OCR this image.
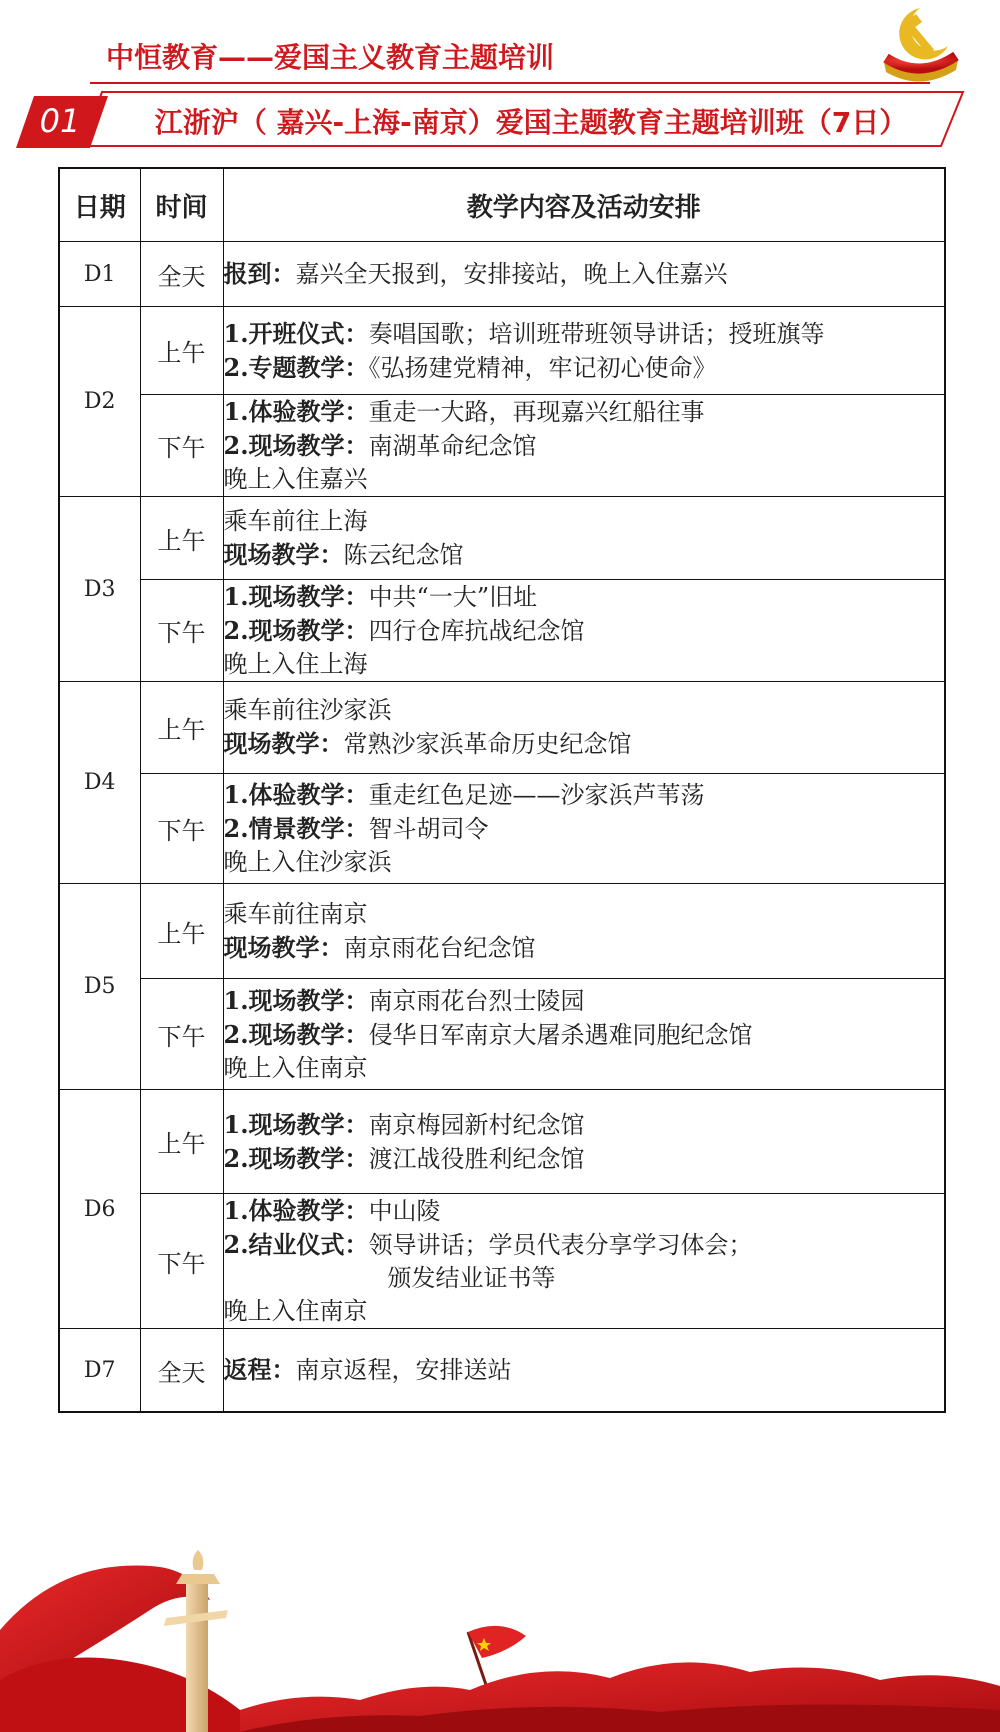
中恒教育——爱国主义教育主题培训
01	江浙沪（ 嘉兴-上海-南京）爱国主题教育主题培训班（7日）
日期	时间	教学内容及活动安排
D1	全天	报到：嘉兴全天报到，安排接站，晚上入住嘉兴

D2	上午	1.开班仪式：奏唱国歌；培训班带班领导讲话；授班旗等
2.专题教学：《弘扬建党精神，牢记初心使命》

	下午	1.体验教学：重走一大路，再现嘉兴红船往事
2.现场教学：南湖革命纪念馆
晚上入住嘉兴

D3	上午	乘车前往上海
现场教学：陈云纪念馆

	下午	1.现场教学：中共“一大”旧址
2.现场教学：四行仓库抗战纪念馆
晚上入住上海

D4	上午	乘车前往沙家浜
现场教学：常熟沙家浜革命历史纪念馆

	下午	1.体验教学：重走红色足迹——沙家浜芦苇荡
2.情景教学：智斗胡司令
晚上入住沙家浜

D5	上午	乘车前往南京
现场教学：南京雨花台纪念馆

	下午	1.现场教学：南京雨花台烈士陵园
2.现场教学：侵华日军南京大屠杀遇难同胞纪念馆
晚上入住南京

D6	上午	1.现场教学：南京梅园新村纪念馆
2.现场教学：渡江战役胜利纪念馆

	下午	1.体验教学：中山陵
2.结业仪式：领导讲话；学员代表分享学习体会；
颁发结业证书等
晚上入住南京

D7	全天	返程：南京返程，安排送站
